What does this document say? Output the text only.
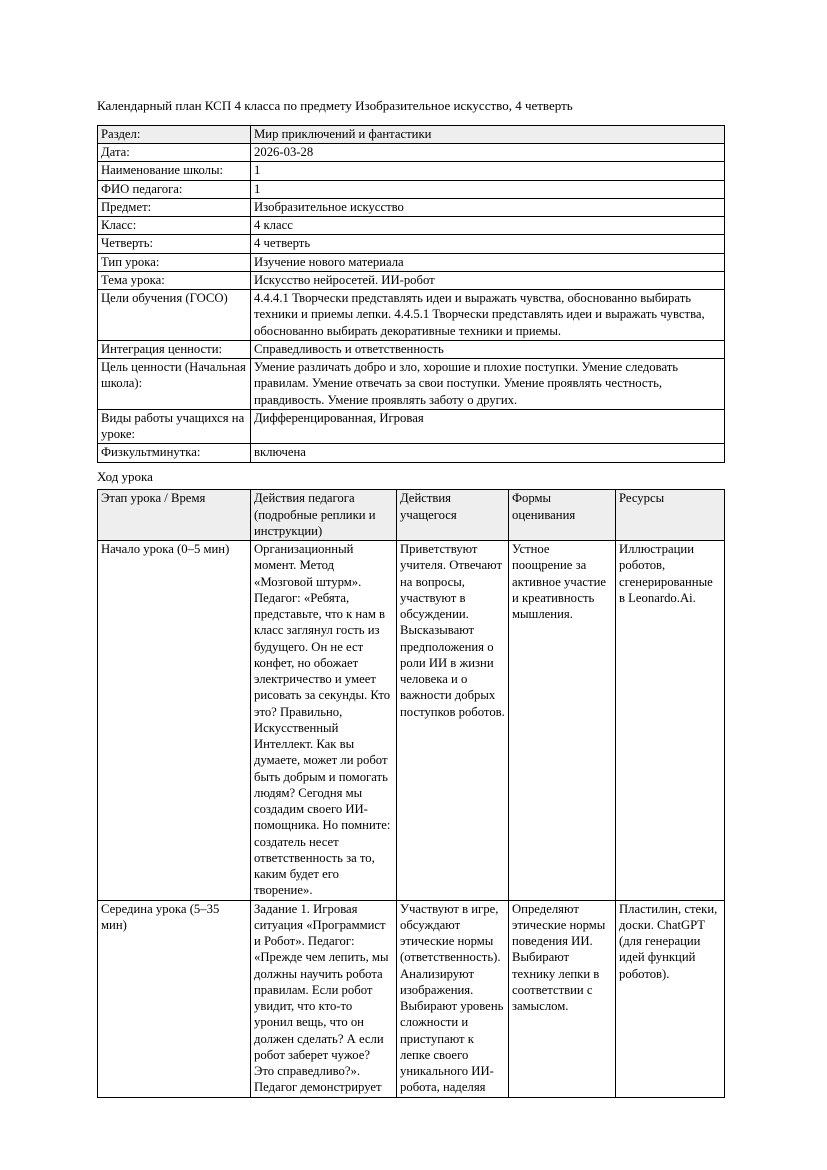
Календарный план КСП 4 класса по предмету Изобразительное искусство, 4 четверть
Раздел:	Мир приключений и фантастики
Дата:	2026-03-28
Наименование школы:	1
ФИО педагога:	1
Предмет:	Изобразительное искусство
Класс:	4 класс
Четверть:	4 четверть
Тип урока:	Изучение нового материала
Тема урока:	Искусство нейросетей. ИИ-робот
Цели обучения (ГОСО)	4.4.4.1 Творчески представлять идеи и выражать чувства, обоснованно выбирать техники и приемы лепки. 4.4.5.1 Творчески представлять идеи и выражать чувства, обоснованно выбирать декоративные техники и приемы.
Интеграция ценности:	Справедливость и ответственность
Цель ценности (Начальная школа):	Умение различать добро и зло, хорошие и плохие поступки. Умение следовать правилам. Умение отвечать за свои поступки. Умение проявлять честность, правдивость. Умение проявлять заботу о других.
Виды работы учащихся на уроке:	Дифференцированная, Игровая
Физкультминутка:	включена
Ход урока
Этап урока / Время	Действия педагога (подробные реплики и инструкции)	Действия учащегося	Формы оценивания	Ресурсы
Начало урока (0–5 мин)	Организационный момент. Метод «Мозговой штурм». Педагог: «Ребята, представьте, что к нам в класс заглянул гость из будущего. Он не ест конфет, но обожает электричество и умеет рисовать за секунды. Кто это? Правильно, Искусственный Интеллект. Как вы думаете, может ли робот быть добрым и помогать людям? Сегодня мы создадим своего ИИ-помощника. Но помните: создатель несет ответственность за то, каким будет его творение».	Приветствуют учителя. Отвечают на вопросы, участвуют в обсуждении. Высказывают предположения о роли ИИ в жизни человека и о важности добрых поступков роботов.	Устное поощрение за активное участие и креативность мышления.	Иллюстрации роботов, сгенерированные в Leonardo.Ai.

Середина урока (5–35 мин)	Задание 1. Игровая ситуация «Программист и Робот». Педагог: «Прежде чем лепить, мы должны научить робота правилам. Если робот увидит, что кто-то уронил вещь, что он должен сделать? А если робот заберет чужое? Это справедливо?». Педагог демонстрирует	Участвуют в игре, обсуждают этические нормы (ответственность). Анализируют изображения. Выбирают уровень сложности и приступают к лепке своего уникального ИИ-робота, наделяя	Определяют этические нормы поведения ИИ. Выбирают технику лепки в соответствии с замыслом.	Пластилин, стеки, доски. ChatGPT (для генерации идей функций роботов).
